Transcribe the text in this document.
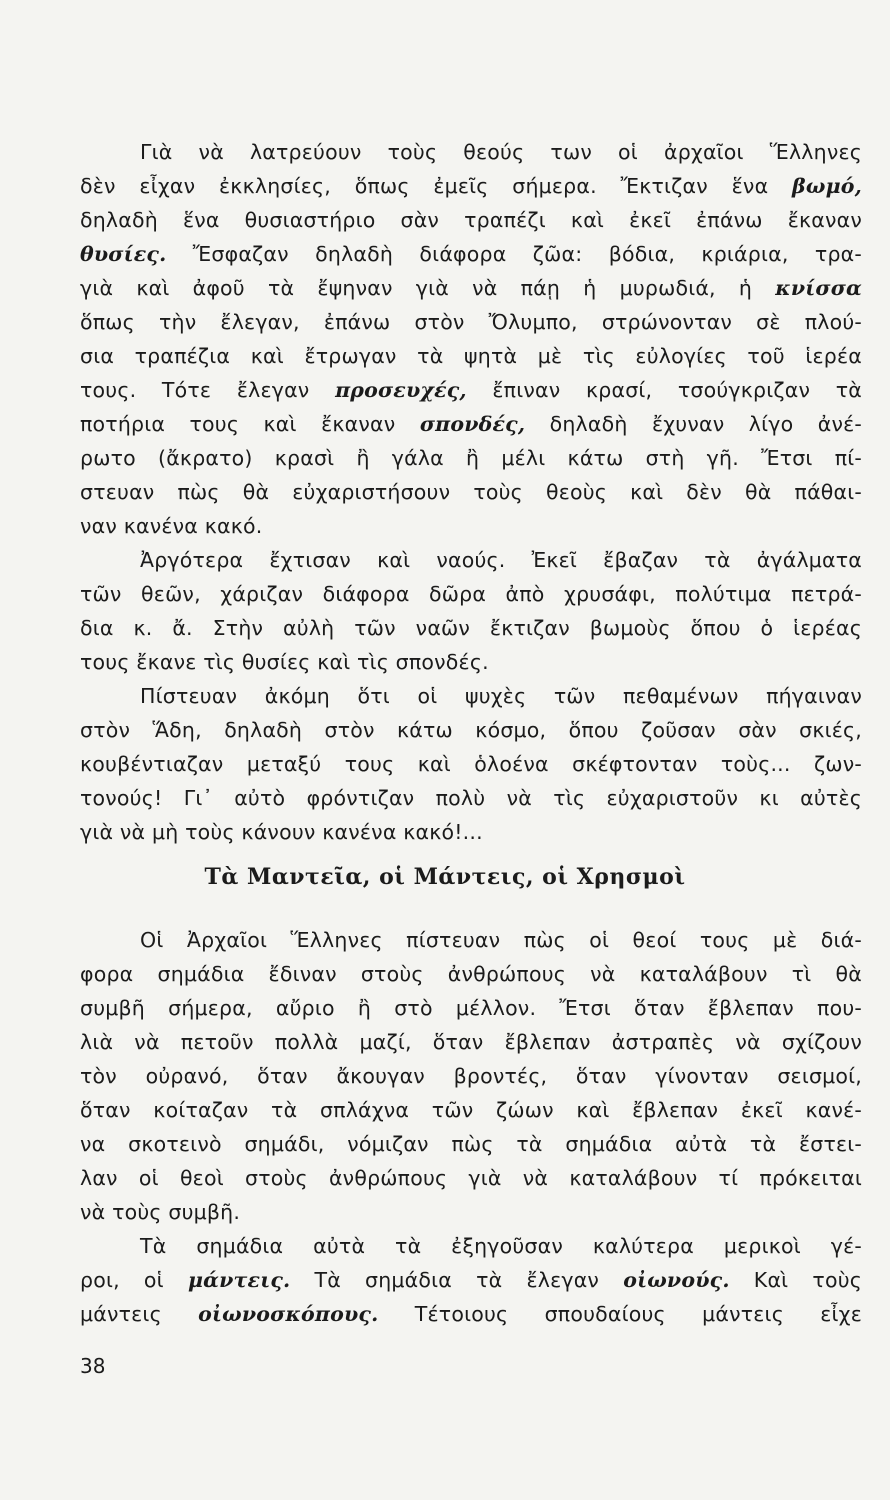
Γιὰ νὰ λατρεύουν τοὺς θεούς των οἱ ἀρχαῖοι Ἕλληνες
δὲν εἶχαν ἐκκλησίες, ὅπως ἐμεῖς σήμερα. Ἔκτιζαν ἕνα βωμό,
δηλαδὴ ἕνα θυσιαστήριο σὰν τραπέζι καὶ ἐκεῖ ἐπάνω ἔκαναν
θυσίες. Ἔσφαζαν δηλαδὴ διάφορα ζῶα: βόδια, κριάρια, τρα-
γιὰ καὶ ἀφοῦ τὰ ἔψηναν γιὰ νὰ πάῃ ἡ μυρωδιά, ἡ κνίσσα
ὅπως τὴν ἔλεγαν, ἐπάνω στὸν Ὄλυμπο, στρώνονταν σὲ πλού-
σια τραπέζια καὶ ἔτρωγαν τὰ ψητὰ μὲ τὶς εὐλογίες τοῦ ἱερέα
τους. Τότε ἔλεγαν προσευχές, ἔπιναν κρασί, τσούγκριζαν τὰ
ποτήρια τους καὶ ἔκαναν σπονδές, δηλαδὴ ἔχυναν λίγο ἀνέ-
ρωτο (ἄκρατο) κρασὶ ἢ γάλα ἢ μέλι κάτω στὴ γῆ. Ἔτσι πί-
στευαν πὼς θὰ εὐχαριστήσουν τοὺς θεοὺς καὶ δὲν θὰ πάθαι-
ναν κανένα κακό.
Ἀργότερα ἔχτισαν καὶ ναούς. Ἐκεῖ ἔβαζαν τὰ ἀγάλματα
τῶν θεῶν, χάριζαν διάφορα δῶρα ἀπὸ χρυσάφι, πολύτιμα πετρά-
δια κ. ἄ. Στὴν αὐλὴ τῶν ναῶν ἔκτιζαν βωμοὺς ὅπου ὁ ἱερέας
τους ἔκανε τὶς θυσίες καὶ τὶς σπονδές.
Πίστευαν ἀκόμη ὅτι οἱ ψυχὲς τῶν πεθαμένων πήγαιναν
στὸν Ἅδη, δηλαδὴ στὸν κάτω κόσμο, ὅπου ζοῦσαν σὰν σκιές,
κουβέντιαζαν μεταξύ τους καὶ ὁλοένα σκέφτονταν τοὺς... ζων-
τονούς! Γι᾿ αὐτὸ φρόντιζαν πολὺ νὰ τὶς εὐχαριστοῦν κι αὐτὲς
γιὰ νὰ μὴ τοὺς κάνουν κανένα κακό!...
Τὰ Μαντεῖα, οἱ Μάντεις, οἱ Χρησμοὶ
Οἱ Ἀρχαῖοι Ἕλληνες πίστευαν πὼς οἱ θεοί τους μὲ διά-
φορα σημάδια ἔδιναν στοὺς ἀνθρώπους νὰ καταλάβουν τὶ θὰ
συμβῆ σήμερα, αὔριο ἢ στὸ μέλλον. Ἔτσι ὅταν ἔβλεπαν που-
λιὰ νὰ πετοῦν πολλὰ μαζί, ὅταν ἔβλεπαν ἀστραπὲς νὰ σχίζουν
τὸν οὐρανό, ὅταν ἄκουγαν βροντές, ὅταν γίνονταν σεισμοί,
ὅταν κοίταζαν τὰ σπλάχνα τῶν ζώων καὶ ἔβλεπαν ἐκεῖ κανέ-
να σκοτεινὸ σημάδι, νόμιζαν πὼς τὰ σημάδια αὐτὰ τὰ ἔστει-
λαν οἱ θεοὶ στοὺς ἀνθρώπους γιὰ νὰ καταλάβουν τί πρόκειται
νὰ τοὺς συμβῆ.
Τὰ σημάδια αὐτὰ τὰ ἐξηγοῦσαν καλύτερα μερικοὶ γέ-
ροι, οἱ μάντεις. Τὰ σημάδια τὰ ἔλεγαν οἰωνούς. Καὶ τοὺς
μάντεις οἰωνοσκόπους. Τέτοιους σπουδαίους μάντεις εἶχε
38
